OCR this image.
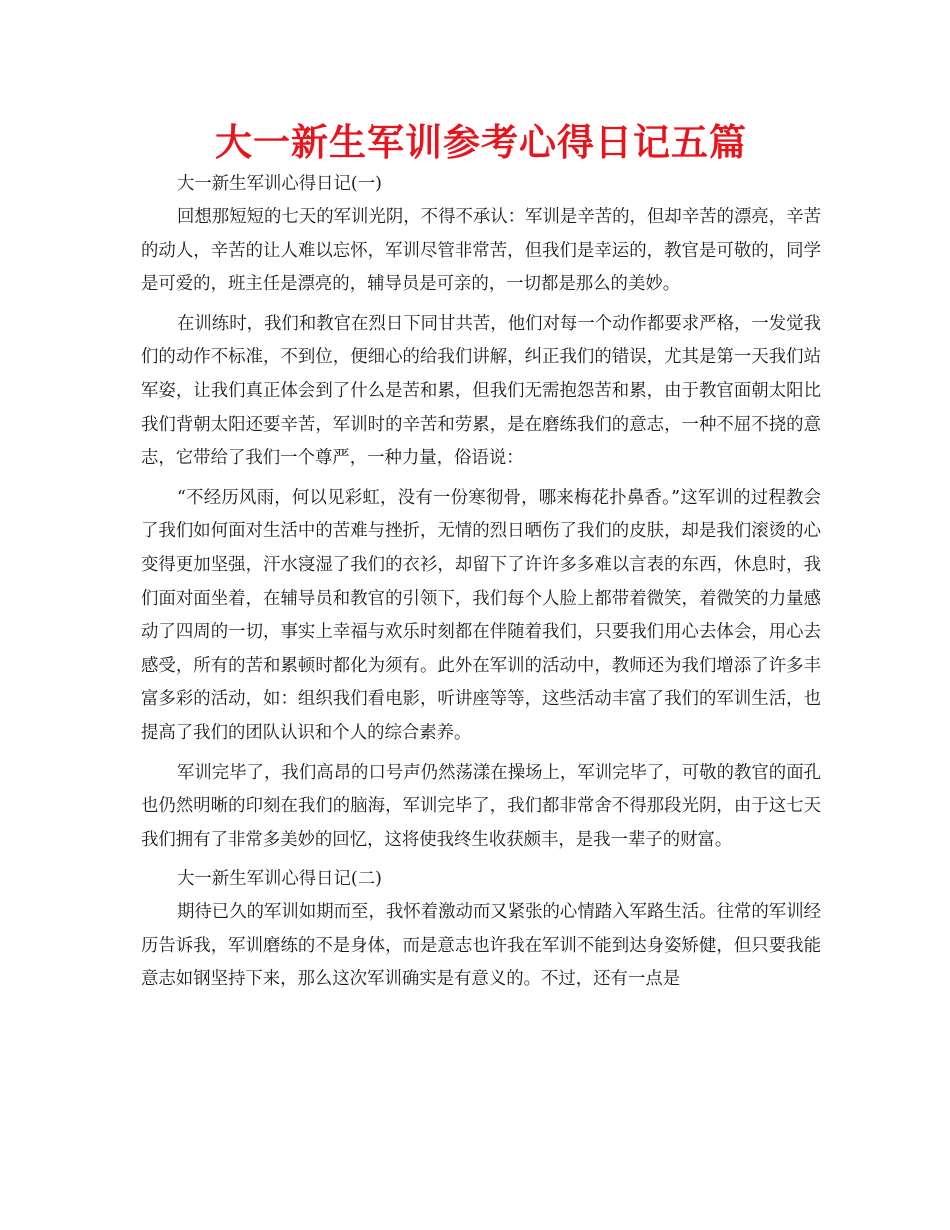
大一新生军训参考心得日记五篇

大一新生军训心得日记(一)

回想那短短的七天的军训光阴，不得不承认：军训是辛苦的，但却辛苦的漂亮，辛苦的动人，辛苦的让人难以忘怀，军训尽管非常苦，但我们是幸运的，教官是可敬的，同学是可爱的，班主任是漂亮的，辅导员是可亲的，一切都是那么的美妙。

在训练时，我们和教官在烈日下同甘共苦，他们对每一个动作都要求严格，一发觉我们的动作不标准，不到位，便细心的给我们讲解，纠正我们的错误，尤其是第一天我们站军姿，让我们真正体会到了什么是苦和累，但我们无需抱怨苦和累，由于教官面朝太阳比我们背朝太阳还要辛苦，军训时的辛苦和劳累，是在磨练我们的意志，一种不屈不挠的意志，它带给了我们一个尊严，一种力量，俗语说：

“不经历风雨，何以见彩虹，没有一份寒彻骨，哪来梅花扑鼻香。”这军训的过程教会了我们如何面对生活中的苦难与挫折，无情的烈日晒伤了我们的皮肤，却是我们滚烫的心变得更加坚强，汗水寖湿了我们的衣衫，却留下了许许多多难以言表的东西，休息时，我们面对面坐着，在辅导员和教官的引领下，我们每个人脸上都带着微笑，着微笑的力量感动了四周的一切，事实上幸福与欢乐时刻都在伴随着我们，只要我们用心去体会，用心去感受，所有的苦和累顿时都化为须有。此外在军训的活动中，教师还为我们增添了许多丰富多彩的活动，如：组织我们看电影，听讲座等等，这些活动丰富了我们的军训生活，也提高了我们的团队认识和个人的综合素养。

军训完毕了，我们高昂的口号声仍然荡漾在操场上，军训完毕了，可敬的教官的面孔也仍然明晰的印刻在我们的脑海，军训完毕了，我们都非常舍不得那段光阴，由于这七天我们拥有了非常多美妙的回忆，这将使我终生收获颇丰，是我一辈子的财富。

大一新生军训心得日记(二)

期待已久的军训如期而至，我怀着激动而又紧张的心情踏入军路生活。往常的军训经历告诉我，军训磨练的不是身体，而是意志也许我在军训不能到达身姿矫健，但只要我能意志如钢坚持下来，那么这次军训确实是有意义的。不过，还有一点是
